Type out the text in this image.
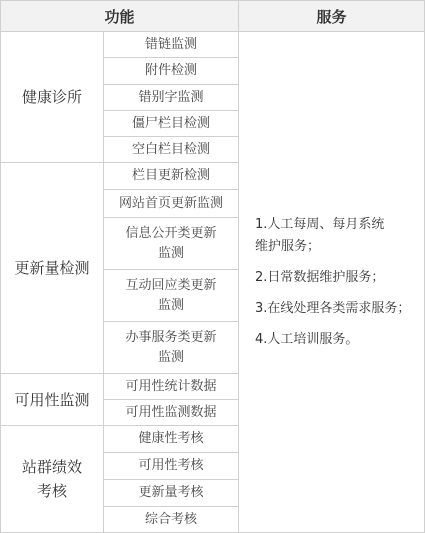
功能		服务
健康诊所	错链监测	1.人工每周、每月系统
维护服务；
2.日常数据维护服务；
3.在线处理各类需求服务；
4.人工培训服务。

	附件检测	
	错别字监测	
	僵尸栏目检测	
	空白栏目检测	
更新量检测	栏目更新检测	
	网站首页更新监测	
	信息公开类更新
监测	
	互动回应类更新
监测	
	办事服务类更新
监测	
可用性监测	可用性统计数据	
	可用性监测数据	
站群绩效
考核	健康性考核	
	可用性考核	
	更新量考核	
	综合考核	
